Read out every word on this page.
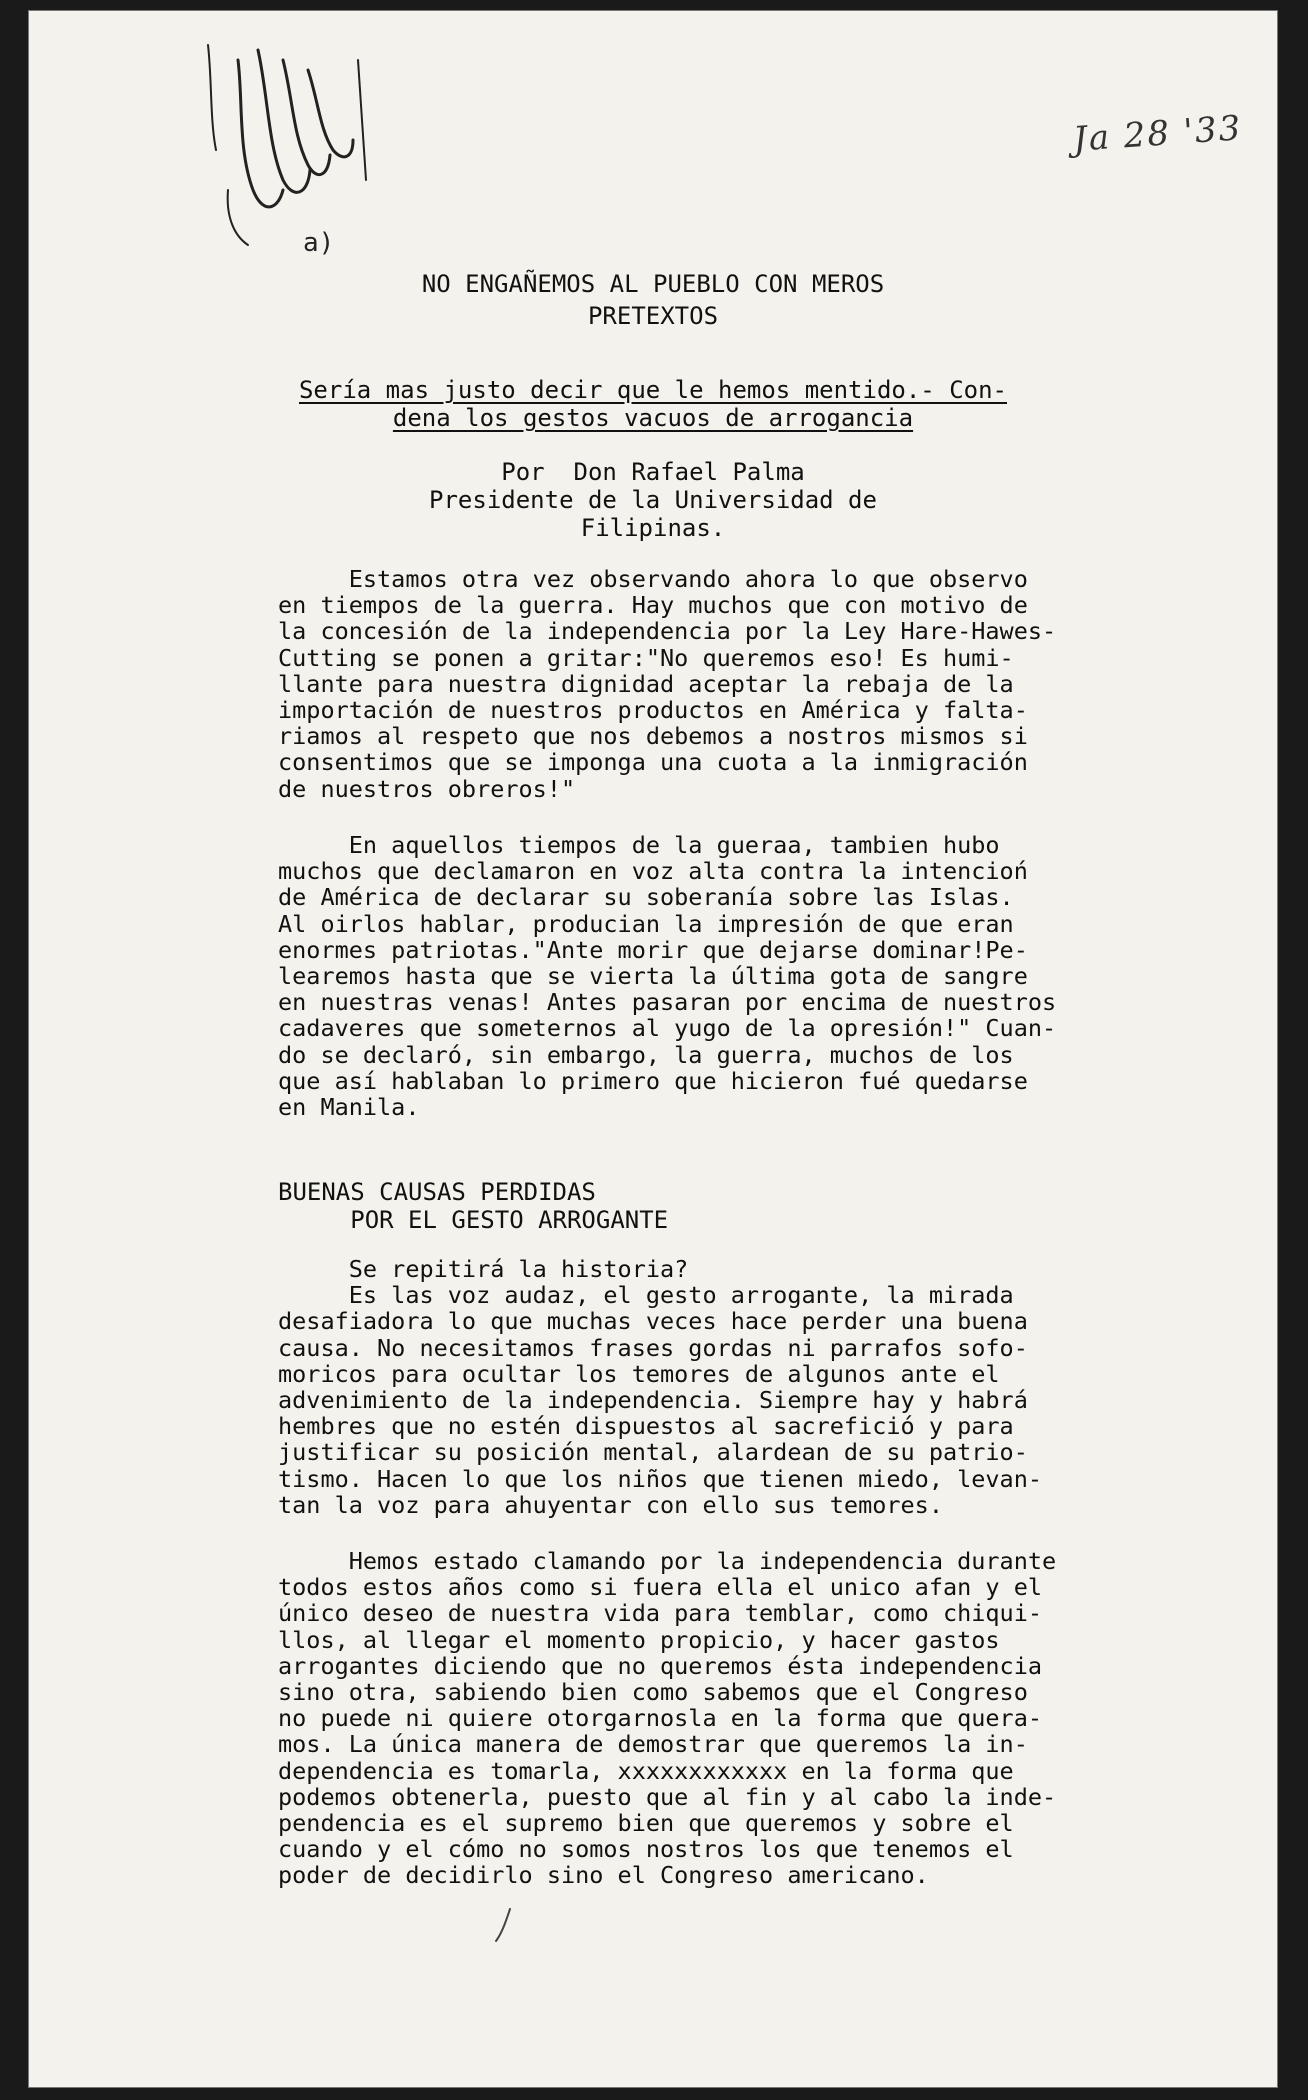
a)
Ja 28 '33
NO ENGAÑEMOS AL PUEBLO CON MEROS
PRETEXTOS
Sería mas justo decir que le hemos mentido.- Con-
dena los gestos vacuos de arrogancia
Por  Don Rafael Palma
Presidente de la Universidad de
Filipinas.
Estamos otra vez observando ahora lo que observo
en tiempos de la guerra. Hay muchos que con motivo de
la concesión de la independencia por la Ley Hare-Hawes-
Cutting se ponen a gritar:"No queremos eso! Es humi-
llante para nuestra dignidad aceptar la rebaja de la
importación de nuestros productos en América y falta-
riamos al respeto que nos debemos a nostros mismos si
consentimos que se imponga una cuota a la inmigración
de nuestros obreros!"
En aquellos tiempos de la gueraa, tambien hubo
muchos que declamaron en voz alta contra la intencioń
de América de declarar su soberanía sobre las Islas.
Al oirlos hablar, producian la impresión de que eran
enormes patriotas."Ante morir que dejarse dominar!Pe-
learemos hasta que se vierta la última gota de sangre
en nuestras venas! Antes pasaran por encima de nuestros
cadaveres que someternos al yugo de la opresión!" Cuan-
do se declaró, sin embargo, la guerra, muchos de los
que así hablaban lo primero que hicieron fué quedarse
en Manila.
BUENAS CAUSAS PERDIDAS
POR EL GESTO ARROGANTE
Se repitirá la historia?
Es las voz audaz, el gesto arrogante, la mirada
desafiadora lo que muchas veces hace perder una buena
causa. No necesitamos frases gordas ni parrafos sofo-
moricos para ocultar los temores de algunos ante el
advenimiento de la independencia. Siempre hay y habrá
hembres que no estén dispuestos al sacrefició y para
justificar su posición mental, alardean de su patrio-
tismo. Hacen lo que los niños que tienen miedo, levan-
tan la voz para ahuyentar con ello sus temores.
Hemos estado clamando por la independencia durante
todos estos años como si fuera ella el unico afan y el
único deseo de nuestra vida para temblar, como chiqui-
llos, al llegar el momento propicio, y hacer gastos
arrogantes diciendo que no queremos ésta independencia
sino otra, sabiendo bien como sabemos que el Congreso
no puede ni quiere otorgarnosla en la forma que quera-
mos. La única manera de demostrar que queremos la in-
dependencia es tomarla, xxxxxxxxxxxx en la forma que
podemos obtenerla, puesto que al fin y al cabo la inde-
pendencia es el supremo bien que queremos y sobre el
cuando y el cómo no somos nostros los que tenemos el
poder de decidirlo sino el Congreso americano.
